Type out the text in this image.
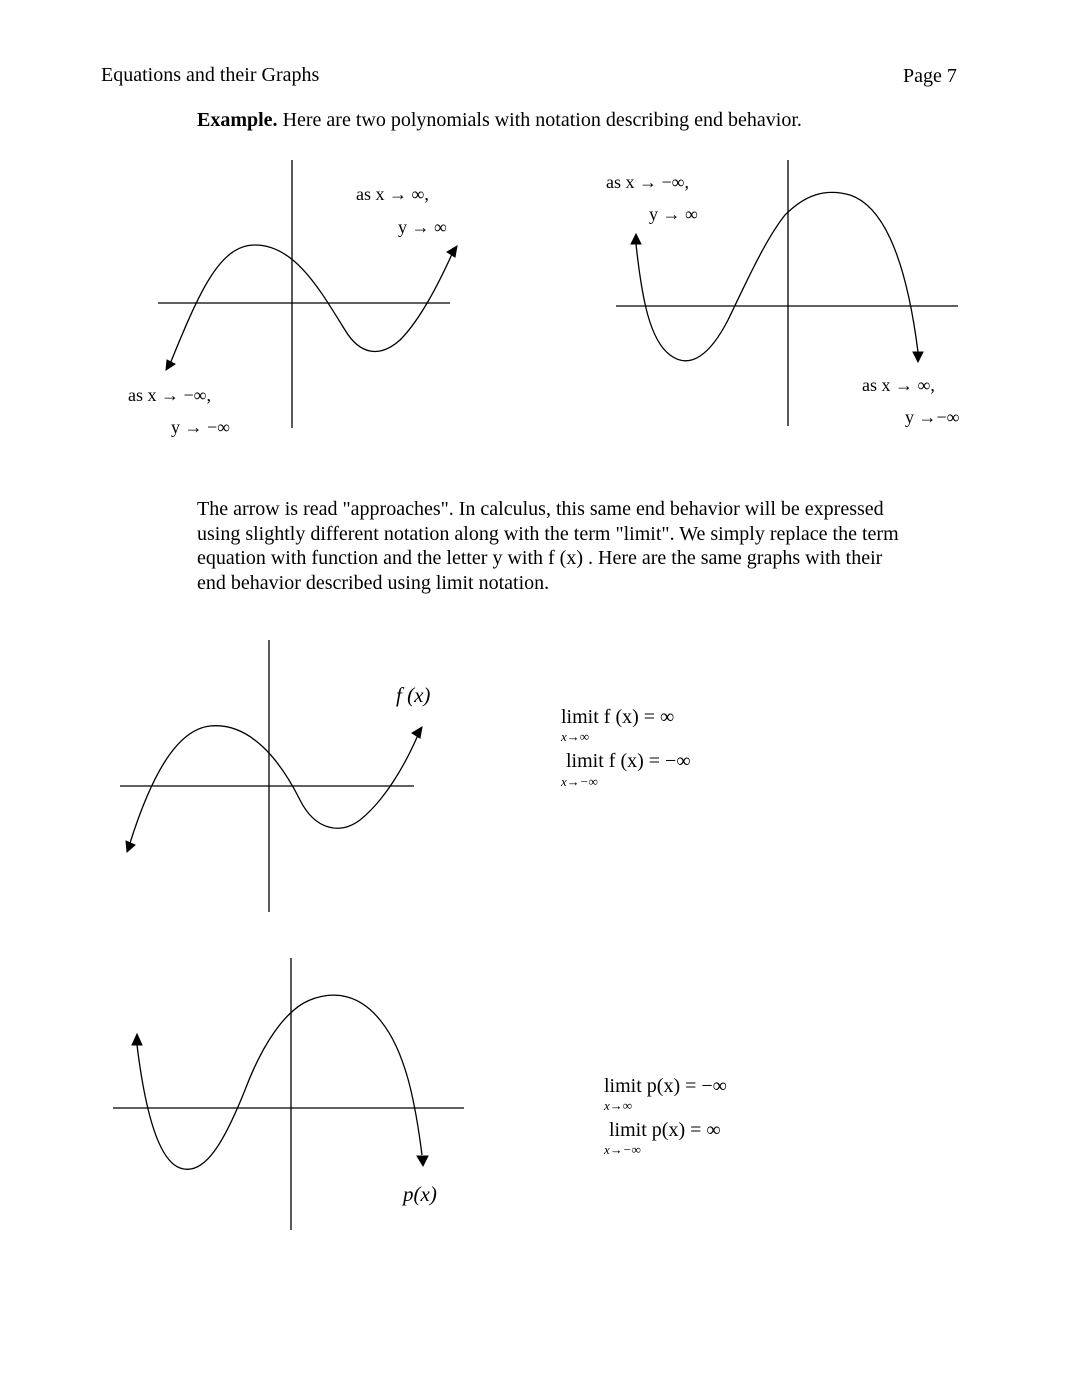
Equations and their Graphs	Page 7
Example. Here are two polynomials with notation describing end behavior.
as x → ∞,
y → ∞
as x → −∞,
y → −∞
as x → −∞,
y → ∞
as x → ∞,
y →−∞

The arrow is read "approaches". In calculus, this same end behavior will be expressed

using slightly different notation along with the term "limit". We simply replace the term

equation with function and the letter y with f (x) . Here are the same graphs with their

end behavior described using limit notation.

f (x)
limit f (x) = ∞
x→∞
limit f (x) = −∞
x→−∞
p(x)
limit p(x) = −∞
x→∞
limit p(x) = ∞
x→−∞
